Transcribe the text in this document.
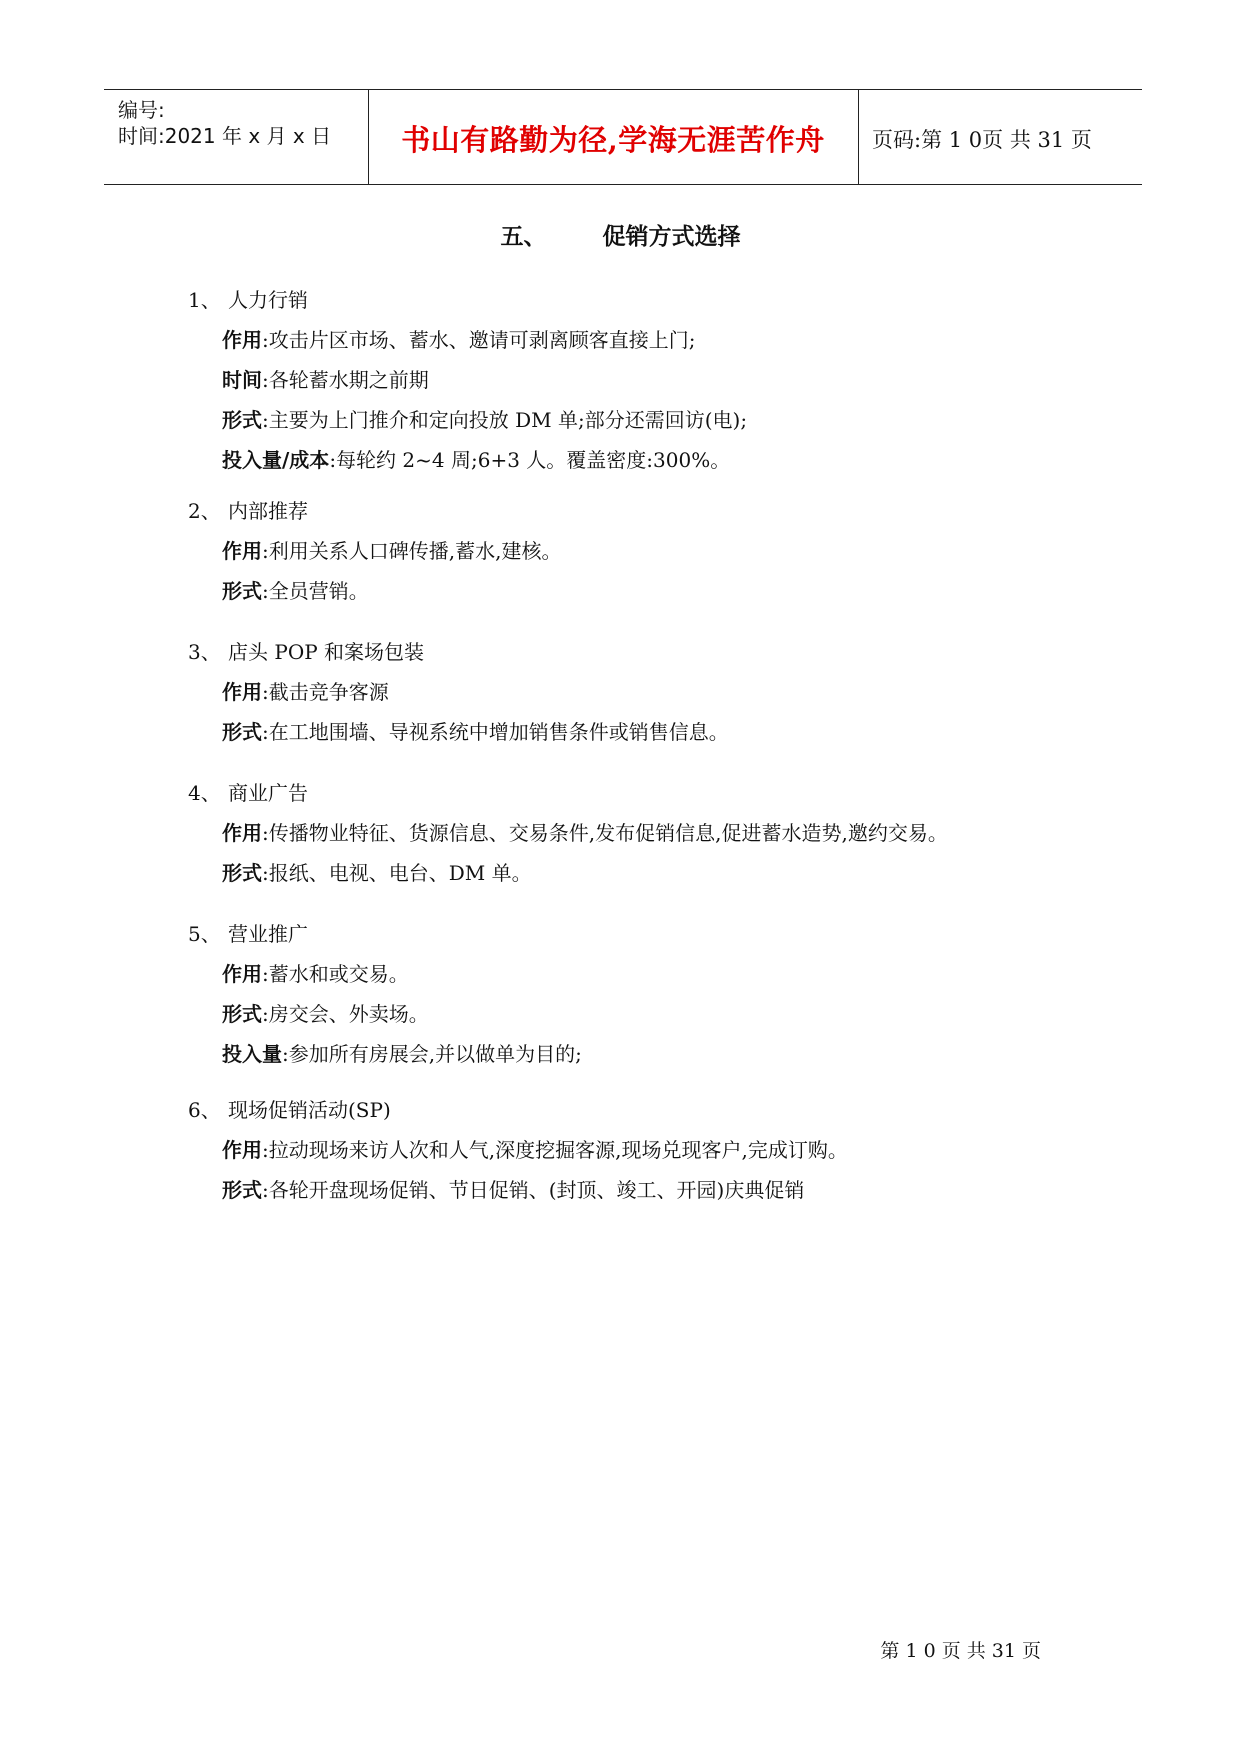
编号:
时间:2021 年 x 月 x 日	书山有路勤为径,学海无涯苦作舟	页码:第 1 0页 共 31 页
五、 促销方式选择
1、 人力行销
作用:攻击片区市场、蓄水、邀请可剥离顾客直接上门;
时间:各轮蓄水期之前期
形式:主要为上门推介和定向投放 DM 单;部分还需回访(电);
投入量/成本:每轮约 2~4 周;6+3 人。覆盖密度:300%。
2、 内部推荐
作用:利用关系人口碑传播,蓄水,建核。
形式:全员营销。
3、 店头 POP 和案场包装
作用:截击竞争客源
形式:在工地围墙、导视系统中增加销售条件或销售信息。
4、 商业广告
作用:传播物业特征、货源信息、交易条件,发布促销信息,促进蓄水造势,邀约交易。
形式:报纸、电视、电台、DM 单。
5、 营业推广
作用:蓄水和或交易。
形式:房交会、外卖场。
投入量:参加所有房展会,并以做单为目的;
6、 现场促销活动(SP)
作用:拉动现场来访人次和人气,深度挖掘客源,现场兑现客户,完成订购。
形式:各轮开盘现场促销、节日促销、(封顶、竣工、开园)庆典促销
第 1 0 页 共 31 页
